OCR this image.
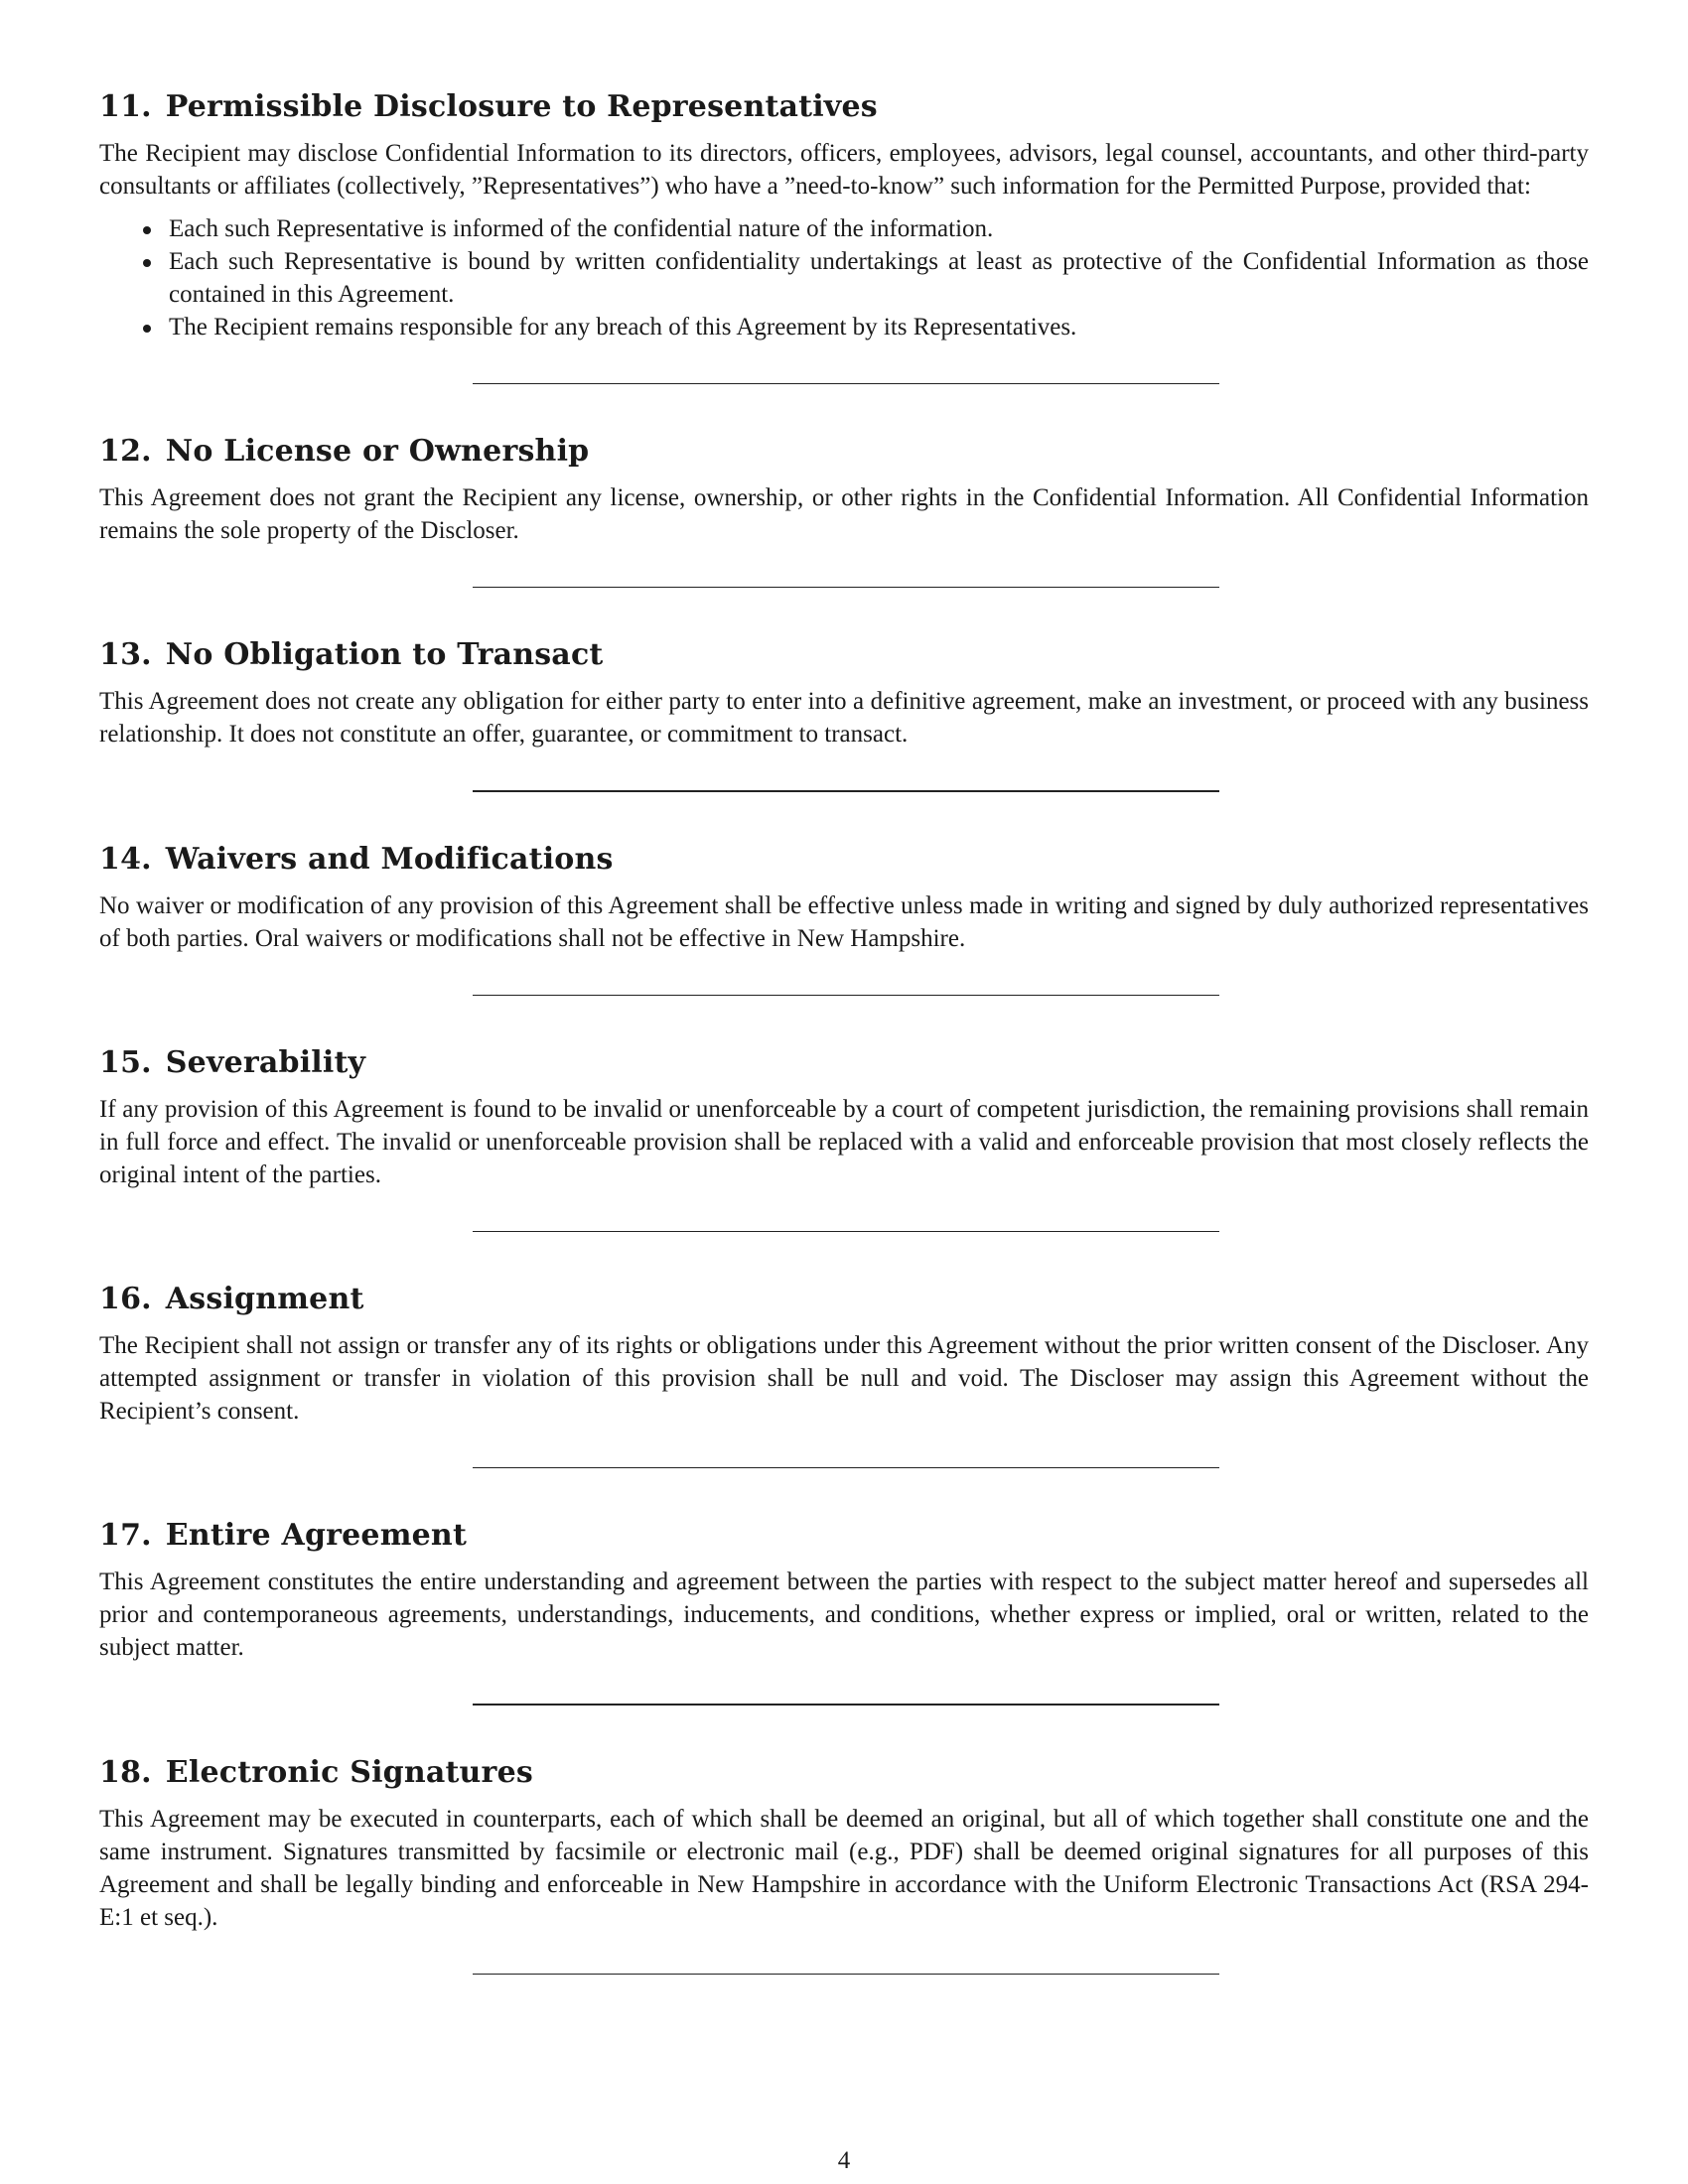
11. Permissible Disclosure to Representatives

The Recipient may disclose Confidential Information to its directors, officers, employees, advisors, legal counsel, accountants, and other third-party consultants or affiliates (collectively, ”Representatives”) who have a ”need-to-know” such information for the Permitted Purpose, provided that:

Each such Representative is informed of the confidential nature of the information.
Each such Representative is bound by written confidentiality undertakings at least as protective of the Confidential Information as those contained in this Agreement.
The Recipient remains responsible for any breach of this Agreement by its Representatives.
12. No License or Ownership

This Agreement does not grant the Recipient any license, ownership, or other rights in the Confidential Information. All Confidential Information remains the sole property of the Discloser.

13. No Obligation to Transact

This Agreement does not create any obligation for either party to enter into a definitive agreement, make an investment, or proceed with any business relationship. It does not constitute an offer, guarantee, or commitment to transact.

14. Waivers and Modifications

No waiver or modification of any provision of this Agreement shall be effective unless made in writing and signed by duly authorized representatives of both parties. Oral waivers or modifications shall not be effective in New Hampshire.

15. Severability

If any provision of this Agreement is found to be invalid or unenforceable by a court of competent jurisdiction, the remaining provisions shall remain in full force and effect. The invalid or unenforceable provision shall be replaced with a valid and enforceable provision that most closely reflects the original intent of the parties.

16. Assignment

The Recipient shall not assign or transfer any of its rights or obligations under this Agreement without the prior written consent of the Discloser. Any attempted assignment or transfer in violation of this provision shall be null and void. The Discloser may assign this Agreement without the Recipient’s consent.

17. Entire Agreement

This Agreement constitutes the entire understanding and agreement between the parties with respect to the subject matter hereof and supersedes all prior and contemporaneous agreements, understandings, inducements, and conditions, whether express or implied, oral or written, related to the subject matter.

18. Electronic Signatures

This Agreement may be executed in counterparts, each of which shall be deemed an original, but all of which together shall constitute one and the same instrument. Signatures transmitted by facsimile or electronic mail (e.g., PDF) shall be deemed original signatures for all purposes of this Agreement and shall be legally binding and enforceable in New Hampshire in accordance with the Uniform Electronic Transactions Act (RSA 294-E:1 et seq.).

4
